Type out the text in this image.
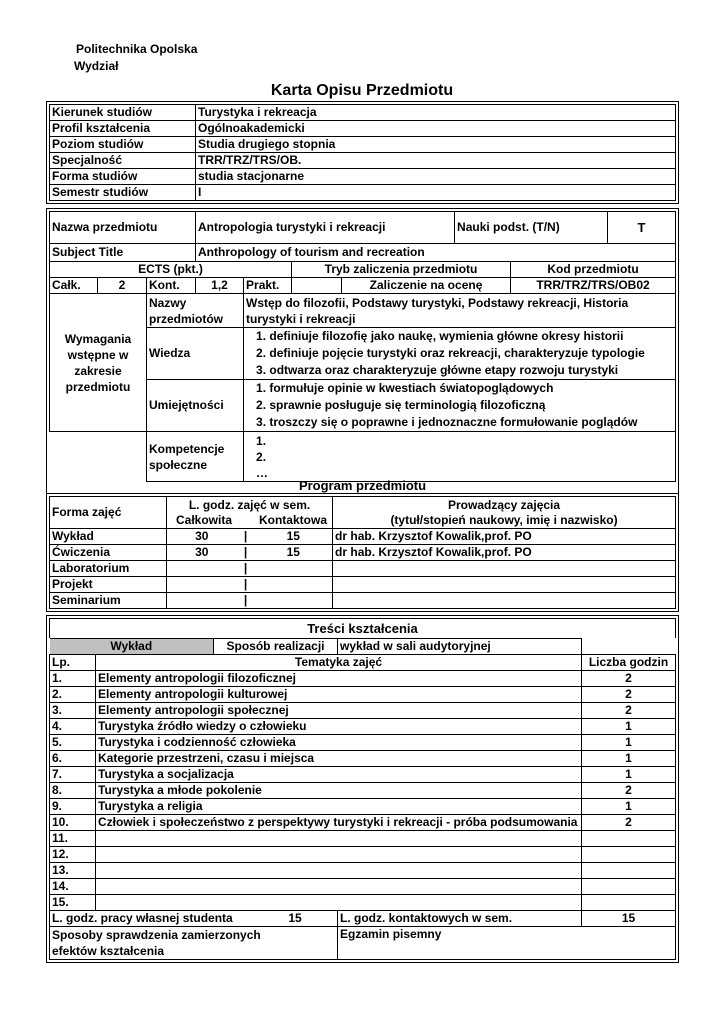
Politechnika Opolska
Wydział
Karta Opisu Przedmiotu
Kierunek studiów	Turystyka i rekreacja
Profil kształcenia	Ogólnoakademicki
Poziom studiów	Studia drugiego stopnia
Specjalność	TRR/TRZ/TRS/OB.
Forma studiów	studia stacjonarne
Semestr studiów	I
Nazwa przedmiotu			Antropologia turystyki i rekreacji				Nauki podst. (T/N)		T
Subject Title			Anthropology of tourism and recreation						
ECTS (pkt.)					Tryb zaliczenia przedmiotu			Kod przedmiotu	
Całk.	2	Kont.	1,2	Prakt.		Zaliczenie na ocenę		TRR/TRZ/TRS/OB02	
Wymagania wstępne w zakresie przedmiotu		Nazwy przedmiotów		Wstęp do filozofii, Podstawy turystyki, Podstawy rekreacji, Historia
turystyki i rekreacji					

		Wiedza		1. definiuje filozofię jako naukę, wymienia główne okresy historii
2. definiuje pojęcie turystyki oraz rekreacji, charakteryzuje typologie
3. odtwarza oraz charakteryzuje główne etapy rozwoju turystyki					

		Umiejętności		1. formułuje opinie w kwestiach światopoglądowych
2. sprawnie posługuje się terminologią filozoficzną
3. troszczy się o poprawne i jednoznaczne formułowanie poglądów					

		Kompetencje społeczne		1.
2.
…					
Program przedmiotu
Forma zajęć	L. godz. zajęć w sem.
Całkowita Kontaktowa			Prowadzący zajęcia
(tytuł/stopień naukowy, imię i nazwisko)

Wykład	30	|	15	dr hab. Krzysztof Kowalik,prof. PO
Ćwiczenia	30	|	15	dr hab. Krzysztof Kowalik,prof. PO
Laboratorium		|		
Projekt		|		
Seminarium		|		
Treści kształcenia
Wykład		Sposób realizacji	wykład w sali audytoryjnej	
Lp.	Tematyka zajęć			Liczba godzin
1.	Elementy antropologii filozoficznej			2
2.	Elementy antropologii kulturowej			2
3.	Elementy antropologii społecznej			2
4.	Turystyka źródło wiedzy o człowieku			1
5.	Turystyka i codzienność człowieka			1
6.	Kategorie przestrzeni, czasu i miejsca			1
7.	Turystyka a socjalizacja			1
8.	Turystyka a młode pokolenie			2
9.	Turystyka a religia			1
10.	Człowiek i społeczeństwo z perspektywy turystyki i rekreacji - próba podsumowania			2
11.				
12.				
13.				
14.				
15.				
L. godz. pracy własnej studenta 15			L. godz. kontaktowych w sem.	15

Sposoby sprawdzenia zamierzonych efektów kształcenia			Egzamin pisemny	
